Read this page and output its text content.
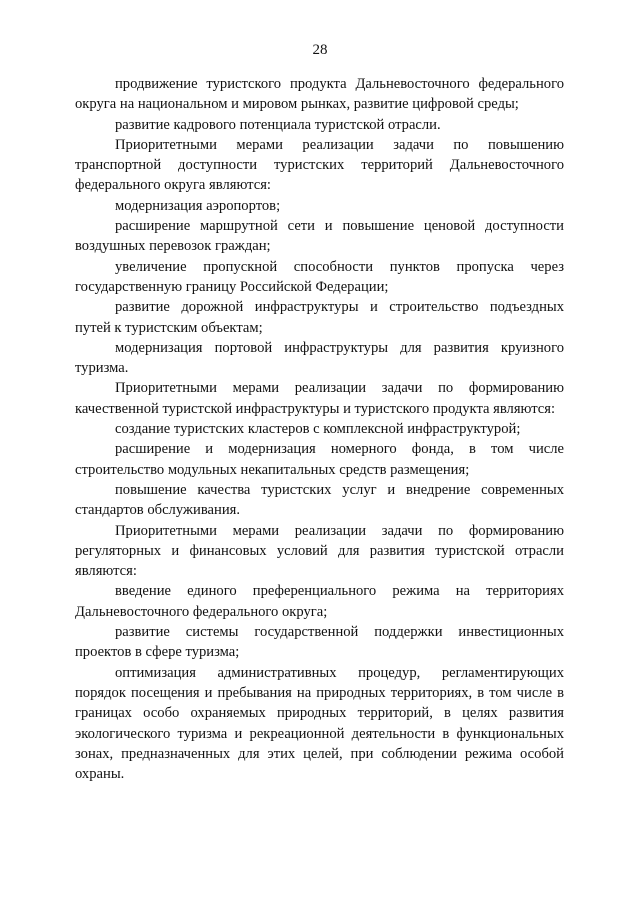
28

продвижение туристского продукта Дальневосточного федерального округа на национальном и мировом рынках, развитие цифровой среды;

развитие кадрового потенциала туристской отрасли.

Приоритетными мерами реализации задачи по повышению транспортной доступности туристских территорий Дальневосточного федерального округа являются:

модернизация аэропортов;

расширение маршрутной сети и повышение ценовой доступности воздушных перевозок граждан;

увеличение пропускной способности пунктов пропуска через государственную границу Российской Федерации;

развитие дорожной инфраструктуры и строительство подъездных путей к туристским объектам;

модернизация портовой инфраструктуры для развития круизного туризма.

Приоритетными мерами реализации задачи по формированию качественной туристской инфраструктуры и туристского продукта являются:

создание туристских кластеров с комплексной инфраструктурой;

расширение и модернизация номерного фонда, в том числе строительство модульных некапитальных средств размещения;

повышение качества туристских услуг и внедрение современных стандартов обслуживания.

Приоритетными мерами реализации задачи по формированию регуляторных и финансовых условий для развития туристской отрасли являются:

введение единого преференциального режима на территориях Дальневосточного федерального округа;

развитие системы государственной поддержки инвестиционных проектов в сфере туризма;

оптимизация административных процедур, регламентирующих порядок посещения и пребывания на природных территориях, в том числе в границах особо охраняемых природных территорий, в целях развития экологического туризма и рекреационной деятельности в функциональных зонах, предназначенных для этих целей, при соблюдении режима особой охраны.
